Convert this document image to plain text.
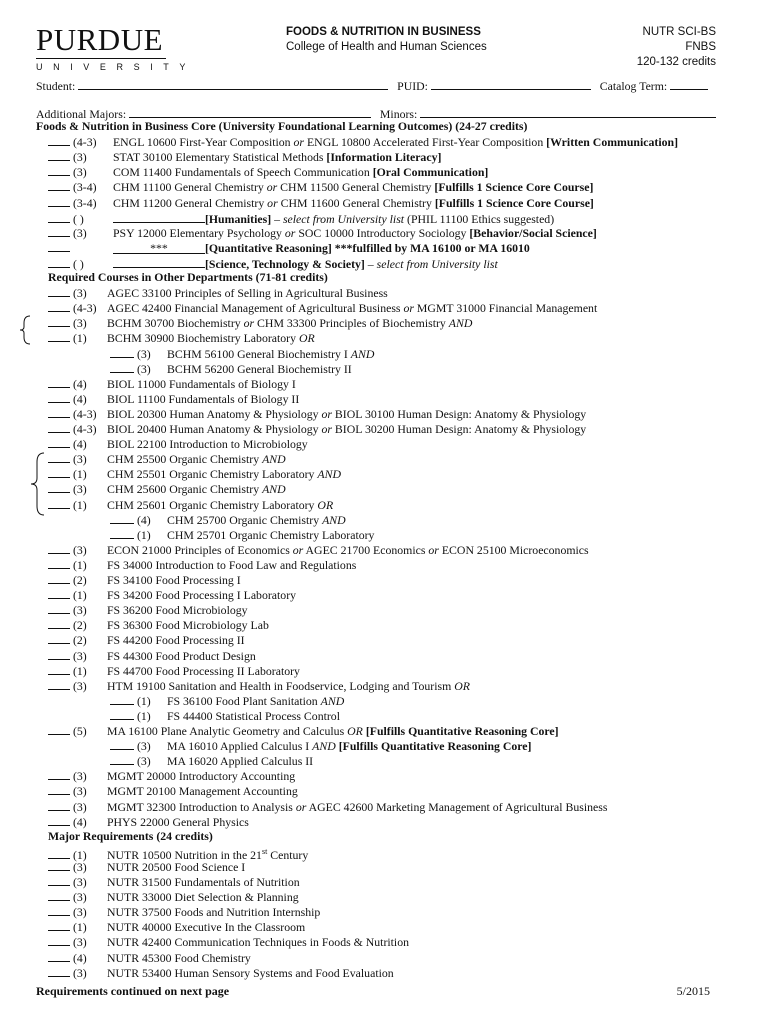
PURDUE
UNIVERSITY
FOODS & NUTRITION IN BUSINESS
College of Health and Human Sciences
NUTR SCI-BS
FNBS
120-132 credits
Student:	PUID:	Catalog Term:
Additional Majors:	Minors:
Foods & Nutrition in Business Core (University Foundational Learning Outcomes) (24-27 credits)
(4-3) ENGL 10600 First-Year Composition or ENGL 10800 Accelerated First-Year Composition [Written Communication]
(3) STAT 30100 Elementary Statistical Methods [Information Literacy]
(3) COM 11400 Fundamentals of Speech Communication [Oral Communication]
(3-4) CHM 11100 General Chemistry or CHM 11500 General Chemistry [Fulfills 1 Science Core Course]
(3-4) CHM 11200 General Chemistry or CHM 11600 General Chemistry [Fulfills 1 Science Core Course]
( )	[Humanities] – select from University list (PHIL 11100 Ethics suggested)
(3) PSY 12000 Elementary Psychology or SOC 10000 Introductory Sociology [Behavior/Social Science]
***	[Quantitative Reasoning] ***fulfilled by MA 16100 or MA 16010
( )	[Science, Technology & Society] – select from University list
Required Courses in Other Departments (71-81 credits)
(3) AGEC 33100 Principles of Selling in Agricultural Business
(4-3) AGEC 42400 Financial Management of Agricultural Business or MGMT 31000 Financial Management
(3) BCHM 30700 Biochemistry or CHM 33300 Principles of Biochemistry AND
(1) BCHM 30900 Biochemistry Laboratory OR
(3) BCHM 56100 General Biochemistry I AND
(3) BCHM 56200 General Biochemistry II
(4) BIOL 11000 Fundamentals of Biology I
(4) BIOL 11100 Fundamentals of Biology II
(4-3) BIOL 20300 Human Anatomy & Physiology or BIOL 30100 Human Design: Anatomy & Physiology
(4-3) BIOL 20400 Human Anatomy & Physiology or BIOL 30200 Human Design: Anatomy & Physiology
(4) BIOL 22100 Introduction to Microbiology
(3) CHM 25500 Organic Chemistry AND
(1) CHM 25501 Organic Chemistry Laboratory AND
(3) CHM 25600 Organic Chemistry AND
(1) CHM 25601 Organic Chemistry Laboratory OR
(4) CHM 25700 Organic Chemistry AND
(1) CHM 25701 Organic Chemistry Laboratory
(3) ECON 21000 Principles of Economics or AGEC 21700 Economics or ECON 25100 Microeconomics
(1) FS 34000 Introduction to Food Law and Regulations
(2) FS 34100 Food Processing I
(1) FS 34200 Food Processing I Laboratory
(3) FS 36200 Food Microbiology
(2) FS 36300 Food Microbiology Lab
(2) FS 44200 Food Processing II
(3) FS 44300 Food Product Design
(1) FS 44700 Food Processing II Laboratory
(3) HTM 19100 Sanitation and Health in Foodservice, Lodging and Tourism OR
(1) FS 36100 Food Plant Sanitation AND
(1) FS 44400 Statistical Process Control
(5) MA 16100 Plane Analytic Geometry and Calculus OR [Fulfills Quantitative Reasoning Core]
(3) MA 16010 Applied Calculus I AND [Fulfills Quantitative Reasoning Core]
(3) MA 16020 Applied Calculus II
(3) MGMT 20000 Introductory Accounting
(3) MGMT 20100 Management Accounting
(3) MGMT 32300 Introduction to Analysis or AGEC 42600 Marketing Management of Agricultural Business
(4) PHYS 22000 General Physics
Major Requirements (24 credits)
(1) NUTR 10500 Nutrition in the 21st Century
(3) NUTR 20500 Food Science I
(3) NUTR 31500 Fundamentals of Nutrition
(3) NUTR 33000 Diet Selection & Planning
(3) NUTR 37500 Foods and Nutrition Internship
(1) NUTR 40000 Executive In the Classroom
(3) NUTR 42400 Communication Techniques in Foods & Nutrition
(4) NUTR 45300 Food Chemistry
(3) NUTR 53400 Human Sensory Systems and Food Evaluation
Requirements continued on next page	5/2015
